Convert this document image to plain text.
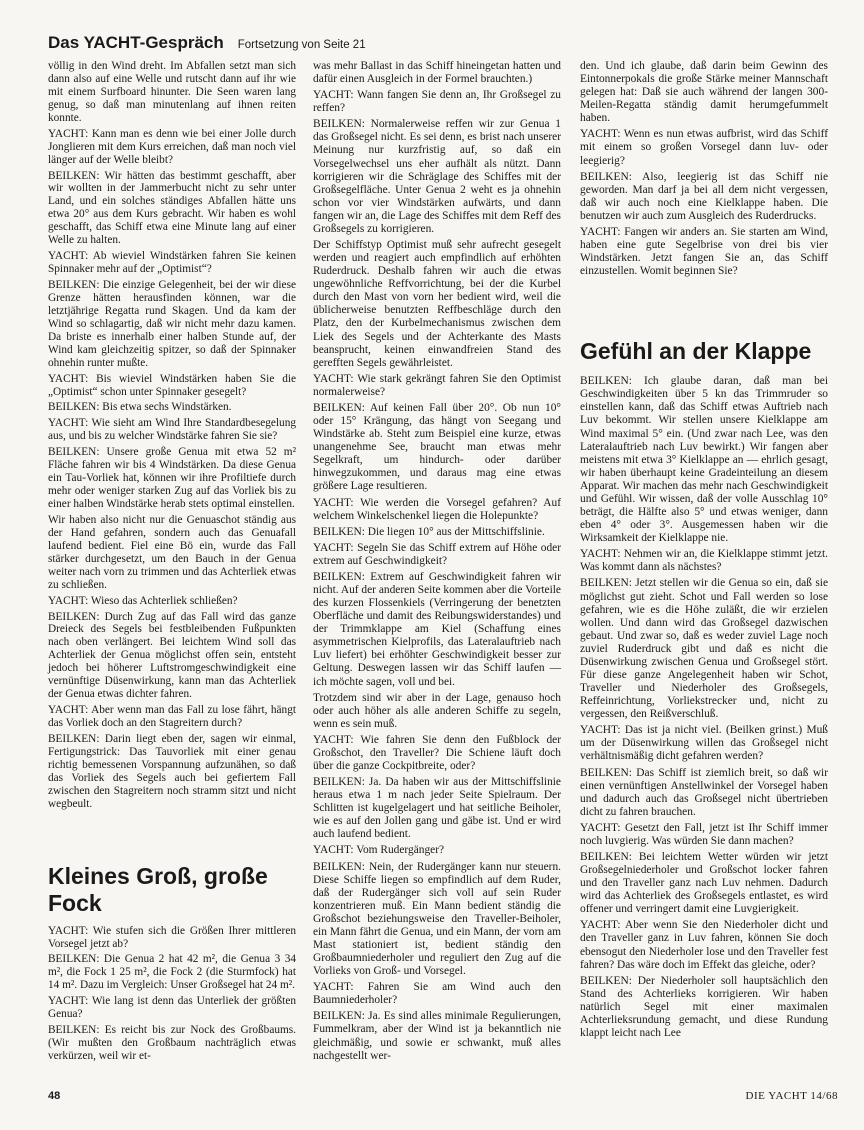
Das YACHT-Gespräch Fortsetzung von Seite 21

völlig in den Wind dreht. Im Abfallen setzt man sich dann also auf eine Welle und rutscht dann auf ihr wie mit einem Surfboard hinunter. Die Seen waren lang genug, so daß man minutenlang auf ihnen reiten konnte.

YACHT: Kann man es denn wie bei einer Jolle durch Jonglieren mit dem Kurs erreichen, daß man noch viel länger auf der Welle bleibt?

BEILKEN: Wir hätten das bestimmt geschafft, aber wir wollten in der Jammerbucht nicht zu sehr unter Land, und ein solches ständiges Abfallen hätte uns etwa 20° aus dem Kurs gebracht. Wir haben es wohl geschafft, das Schiff etwa eine Minute lang auf einer Welle zu halten.

YACHT: Ab wieviel Windstärken fahren Sie keinen Spinnaker mehr auf der „Optimist“?

BEILKEN: Die einzige Gelegenheit, bei der wir diese Grenze hätten herausfinden können, war die letztjährige Regatta rund Skagen. Und da kam der Wind so schlagartig, daß wir nicht mehr dazu kamen. Da briste es innerhalb einer halben Stunde auf, der Wind kam gleichzeitig spitzer, so daß der Spinnaker ohnehin runter mußte.

YACHT: Bis wieviel Windstärken haben Sie die „Optimist“ schon unter Spinnaker gesegelt?

BEILKEN: Bis etwa sechs Windstärken.

YACHT: Wie sieht am Wind Ihre Standardbesegelung aus, und bis zu welcher Windstärke fahren Sie sie?

BEILKEN: Unsere große Genua mit etwa 52 m² Fläche fahren wir bis 4 Windstärken. Da diese Genua ein Tau-Vorliek hat, können wir ihre Profiltiefe durch mehr oder weniger starken Zug auf das Vorliek bis zu einer halben Windstärke herab stets optimal einstellen.

Wir haben also nicht nur die Genuaschot ständig aus der Hand gefahren, sondern auch das Genuafall laufend bedient. Fiel eine Bö ein, wurde das Fall stärker durchgesetzt, um den Bauch in der Genua weiter nach vorn zu trimmen und das Achterliek etwas zu schließen.

YACHT: Wieso das Achterliek schließen?

BEILKEN: Durch Zug auf das Fall wird das ganze Dreieck des Segels bei festbleibenden Fußpunkten nach oben verlängert. Bei leichtem Wind soll das Achterliek der Genua möglichst offen sein, entsteht jedoch bei höherer Luftstromgeschwindigkeit eine vernünftige Düsenwirkung, kann man das Achterliek der Genua etwas dichter fahren.

YACHT: Aber wenn man das Fall zu lose fährt, hängt das Vorliek doch an den Stagreitern durch?

BEILKEN: Darin liegt eben der, sagen wir einmal, Fertigungstrick: Das Tauvorliek mit einer genau richtig bemessenen Vorspannung aufzunähen, so daß das Vorliek des Segels auch bei gefiertem Fall zwischen den Stagreitern noch stramm sitzt und nicht wegbeult.

Kleines Groß, große Fock

YACHT: Wie stufen sich die Größen Ihrer mittleren Vorsegel jetzt ab?

BEILKEN: Die Genua 2 hat 42 m², die Genua 3 34 m², die Fock 1 25 m², die Fock 2 (die Sturmfock) hat 14 m². Dazu im Vergleich: Unser Großsegel hat 24 m².

YACHT: Wie lang ist denn das Unterliek der größten Genua?

BEILKEN: Es reicht bis zur Nock des Großbaums. (Wir mußten den Großbaum nachträglich etwas verkürzen, weil wir et-

was mehr Ballast in das Schiff hineingetan hatten und dafür einen Ausgleich in der Formel brauchten.)

YACHT: Wann fangen Sie denn an, Ihr Großsegel zu reffen?

BEILKEN: Normalerweise reffen wir zur Genua 1 das Großsegel nicht. Es sei denn, es brist nach unserer Meinung nur kurzfristig auf, so daß ein Vorsegelwechsel uns eher aufhält als nützt. Dann korrigieren wir die Schräglage des Schiffes mit der Großsegelfläche. Unter Genua 2 weht es ja ohnehin schon vor vier Windstärken aufwärts, und dann fangen wir an, die Lage des Schiffes mit dem Reff des Großsegels zu korrigieren.

Der Schiffstyp Optimist muß sehr aufrecht gesegelt werden und reagiert auch empfindlich auf erhöhten Ruderdruck. Deshalb fahren wir auch die etwas ungewöhnliche Reffvorrichtung, bei der die Kurbel durch den Mast von vorn her bedient wird, weil die üblicherweise benutzten Reffbeschläge durch den Platz, den der Kurbelmechanismus zwischen dem Liek des Segels und der Achterkante des Masts beansprucht, keinen einwandfreien Stand des gerefften Segels gewährleistet.

YACHT: Wie stark gekrängt fahren Sie den Optimist normalerweise?

BEILKEN: Auf keinen Fall über 20°. Ob nun 10° oder 15° Krängung, das hängt von Seegang und Windstärke ab. Steht zum Beispiel eine kurze, etwas unangenehme See, braucht man etwas mehr Segelkraft, um hindurch- oder darüber hinwegzukommen, und daraus mag eine etwas größere Lage resultieren.

YACHT: Wie werden die Vorsegel gefahren? Auf welchem Winkelschenkel liegen die Holepunkte?

BEILKEN: Die liegen 10° aus der Mittschiffslinie.

YACHT: Segeln Sie das Schiff extrem auf Höhe oder extrem auf Geschwindigkeit?

BEILKEN: Extrem auf Geschwindigkeit fahren wir nicht. Auf der anderen Seite kommen aber die Vorteile des kurzen Flossenkiels (Verringerung der benetzten Oberfläche und damit des Reibungswiderstandes) und der Trimmklappe am Kiel (Schaffung eines asymmetrischen Kielprofils, das Lateralauftrieb nach Luv liefert) bei erhöhter Geschwindigkeit besser zur Geltung. Deswegen lassen wir das Schiff laufen — ich möchte sagen, voll und bei.

Trotzdem sind wir aber in der Lage, genauso hoch oder auch höher als alle anderen Schiffe zu segeln, wenn es sein muß.

YACHT: Wie fahren Sie denn den Fußblock der Großschot, den Traveller? Die Schiene läuft doch über die ganze Cockpitbreite, oder?

BEILKEN: Ja. Da haben wir aus der Mittschiffslinie heraus etwa 1 m nach jeder Seite Spielraum. Der Schlitten ist kugelgelagert und hat seitliche Beiholer, wie es auf den Jollen gang und gäbe ist. Und er wird auch laufend bedient.

YACHT: Vom Rudergänger?

BEILKEN: Nein, der Rudergänger kann nur steuern. Diese Schiffe liegen so empfindlich auf dem Ruder, daß der Rudergänger sich voll auf sein Ruder konzentrieren muß. Ein Mann bedient ständig die Großschot beziehungsweise den Traveller-Beiholer, ein Mann fährt die Genua, und ein Mann, der vorn am Mast stationiert ist, bedient ständig den Großbaumniederholer und reguliert den Zug auf die Vorlieks von Groß- und Vorsegel.

YACHT: Fahren Sie am Wind auch den Baumniederholer?

BEILKEN: Ja. Es sind alles minimale Regulierungen, Fummelkram, aber der Wind ist ja bekanntlich nie gleichmäßig, und sowie er schwankt, muß alles nachgestellt wer-

den. Und ich glaube, daß darin beim Gewinn des Eintonnerpokals die große Stärke meiner Mannschaft gelegen hat: Daß sie auch während der langen 300-Meilen-Regatta ständig damit herumgefummelt haben.

YACHT: Wenn es nun etwas aufbrist, wird das Schiff mit einem so großen Vorsegel dann luv- oder leegierig?

BEILKEN: Also, leegierig ist das Schiff nie geworden. Man darf ja bei all dem nicht vergessen, daß wir auch noch eine Kielklappe haben. Die benutzen wir auch zum Ausgleich des Ruderdrucks.

YACHT: Fangen wir anders an. Sie starten am Wind, haben eine gute Segelbrise von drei bis vier Windstärken. Jetzt fangen Sie an, das Schiff einzustellen. Womit beginnen Sie?

Gefühl an der Klappe

BEILKEN: Ich glaube daran, daß man bei Geschwindigkeiten über 5 kn das Trimmruder so einstellen kann, daß das Schiff etwas Auftrieb nach Luv bekommt. Wir stellen unsere Kielklappe am Wind maximal 5° ein. (Und zwar nach Lee, was den Lateralauftrieb nach Luv bewirkt.) Wir fangen aber meistens mit etwa 3° Kielklappe an — ehrlich gesagt, wir haben überhaupt keine Gradeinteilung an diesem Apparat. Wir machen das mehr nach Geschwindigkeit und Gefühl. Wir wissen, daß der volle Ausschlag 10° beträgt, die Hälfte also 5° und etwas weniger, dann eben 4° oder 3°. Ausgemessen haben wir die Wirksamkeit der Kielklappe nie.

YACHT: Nehmen wir an, die Kielklappe stimmt jetzt. Was kommt dann als nächstes?

BEILKEN: Jetzt stellen wir die Genua so ein, daß sie möglichst gut zieht. Schot und Fall werden so lose gefahren, wie es die Höhe zuläßt, die wir erzielen wollen. Und dann wird das Großsegel dazwischen gebaut. Und zwar so, daß es weder zuviel Lage noch zuviel Ruderdruck gibt und daß es nicht die Düsenwirkung zwischen Genua und Großsegel stört. Für diese ganze Angelegenheit haben wir Schot, Traveller und Niederholer des Großsegels, Reffeinrichtung, Vorliekstrecker und, nicht zu vergessen, den Reißverschluß.

YACHT: Das ist ja nicht viel. (Beilken grinst.) Muß um der Düsenwirkung willen das Großsegel nicht verhältnismäßig dicht gefahren werden?

BEILKEN: Das Schiff ist ziemlich breit, so daß wir einen vernünftigen Anstellwinkel der Vorsegel haben und dadurch auch das Großsegel nicht übertrieben dicht zu fahren brauchen.

YACHT: Gesetzt den Fall, jetzt ist Ihr Schiff immer noch luvgierig. Was würden Sie dann machen?

BEILKEN: Bei leichtem Wetter würden wir jetzt Großsegelniederholer und Großschot locker fahren und den Traveller ganz nach Luv nehmen. Dadurch wird das Achterliek des Großsegels entlastet, es wird offener und verringert damit eine Luvgierigkeit.

YACHT: Aber wenn Sie den Niederholer dicht und den Traveller ganz in Luv fahren, können Sie doch ebensogut den Niederholer lose und den Traveller fest fahren? Das wäre doch im Effekt das gleiche, oder?

BEILKEN: Der Niederholer soll hauptsächlich den Stand des Achterlieks korrigieren. Wir haben natürlich Segel mit einer maximalen Achterlieksrundung gemacht, und diese Rundung klappt leicht nach Lee

48	DIE YACHT 14/68
